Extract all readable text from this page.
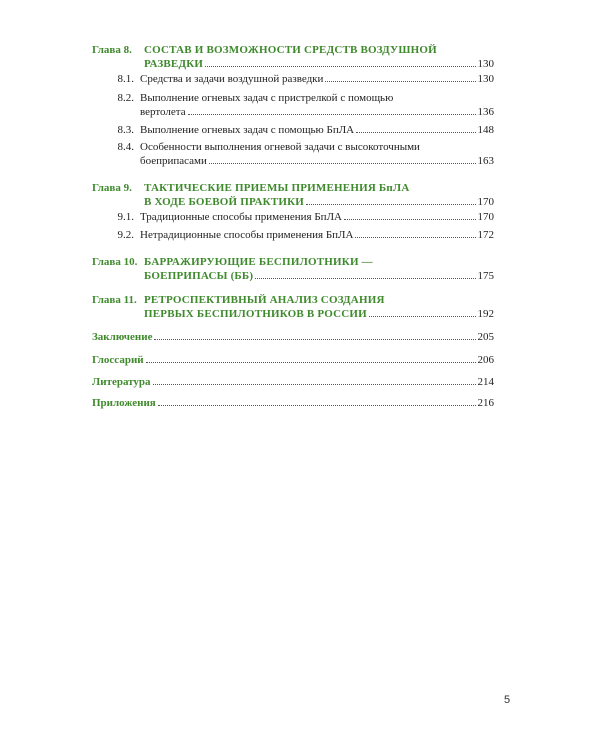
Глава 8. СОСТАВ И ВОЗМОЖНОСТИ СРЕДСТВ ВОЗДУШНОЙ
РАЗВЕДКИ	130
8.1. Средства и задачи воздушной разведки	130
8.2. Выполнение огневых задач с пристрелкой с помощью
вертолета	136
8.3. Выполнение огневых задач с помощью БпЛА	148
8.4. Особенности выполнения огневой задачи с высокоточными
боеприпасами	163
Глава 9. ТАКТИЧЕСКИЕ ПРИЕМЫ ПРИМЕНЕНИЯ БпЛА
В ХОДЕ БОЕВОЙ ПРАКТИКИ	170
9.1. Традиционные способы применения БпЛА	170
9.2. Нетрадиционные способы применения БпЛА	172
Глава 10. БАРРАЖИРУЮЩИЕ БЕСПИЛОТНИКИ —
БОЕПРИПАСЫ (ББ)	175
Глава 11. РЕТРОСПЕКТИВНЫЙ АНАЛИЗ СОЗДАНИЯ
ПЕРВЫХ БЕСПИЛОТНИКОВ В РОССИИ	192
Заключение	205
Глоссарий	206
Литература	214
Приложения	216
5
